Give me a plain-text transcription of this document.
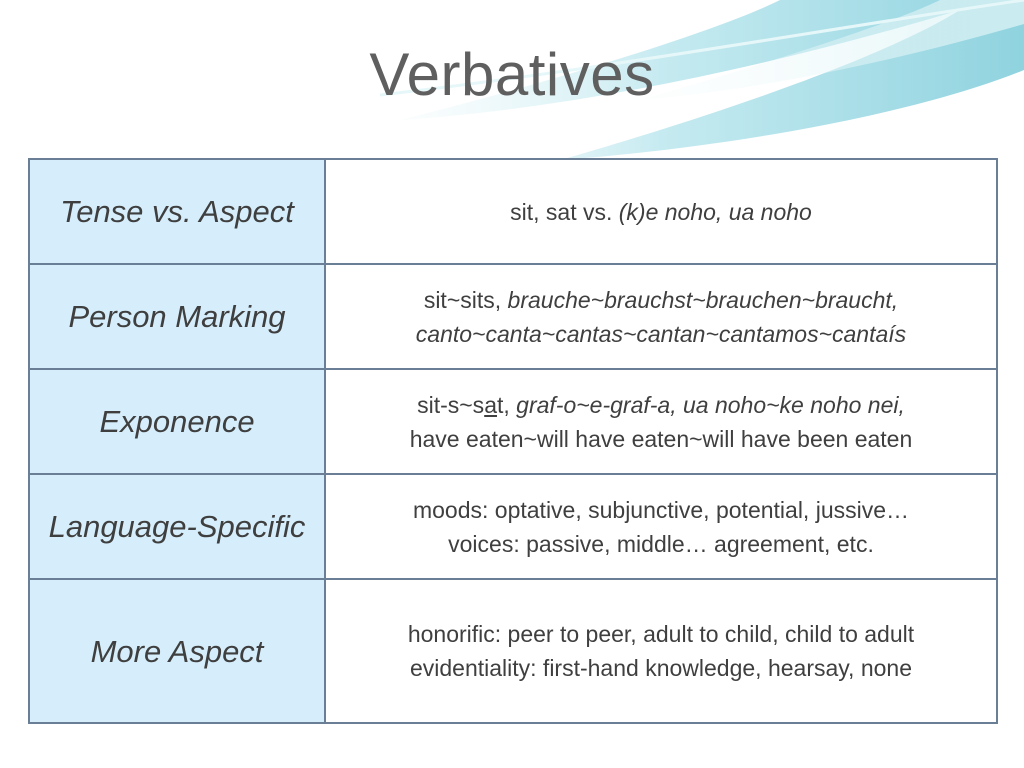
Verbatives
Tense vs. Aspect	sit, sat vs. (k)e noho, ua noho
Person Marking	sit~sits, brauche~brauchst~brauchen~braucht,
canto~canta~cantas~cantan~cantamos~cantaís
Exponence	sit-s~sat, graf-o~e-graf-a, ua noho~ke noho nei,
have eaten~will have eaten~will have been eaten
Language-Specific	moods: optative, subjunctive, potential, jussive…
voices: passive, middle… agreement, etc.
More Aspect	honorific: peer to peer, adult to child, child to adult
evidentiality: first-hand knowledge, hearsay, none
